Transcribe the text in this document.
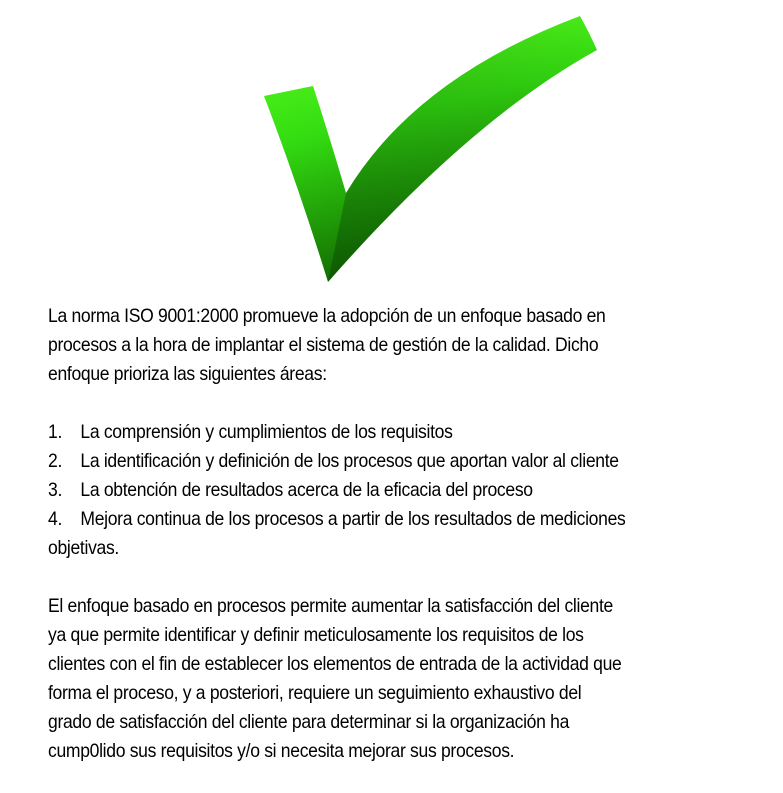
La norma ISO 9001:2000 promueve la adopción de un enfoque basado en

procesos a la hora de implantar el sistema de gestión de la calidad. Dicho

enfoque prioriza las siguientes áreas:

1. La comprensión y cumplimientos de los requisitos
2. La identificación y definición de los procesos que aportan valor al cliente
3. La obtención de resultados acerca de la eficacia del proceso
4. Mejora continua de los procesos a partir de los resultados de mediciones

objetivas.

El enfoque basado en procesos permite aumentar la satisfacción del cliente

ya que permite identificar y definir meticulosamente los requisitos de los

clientes con el fin de establecer los elementos de entrada de la actividad que

forma el proceso, y a posteriori, requiere un seguimiento exhaustivo del

grado de satisfacción del cliente para determinar si la organización ha

cump0lido sus requisitos y/o si necesita mejorar sus procesos.
